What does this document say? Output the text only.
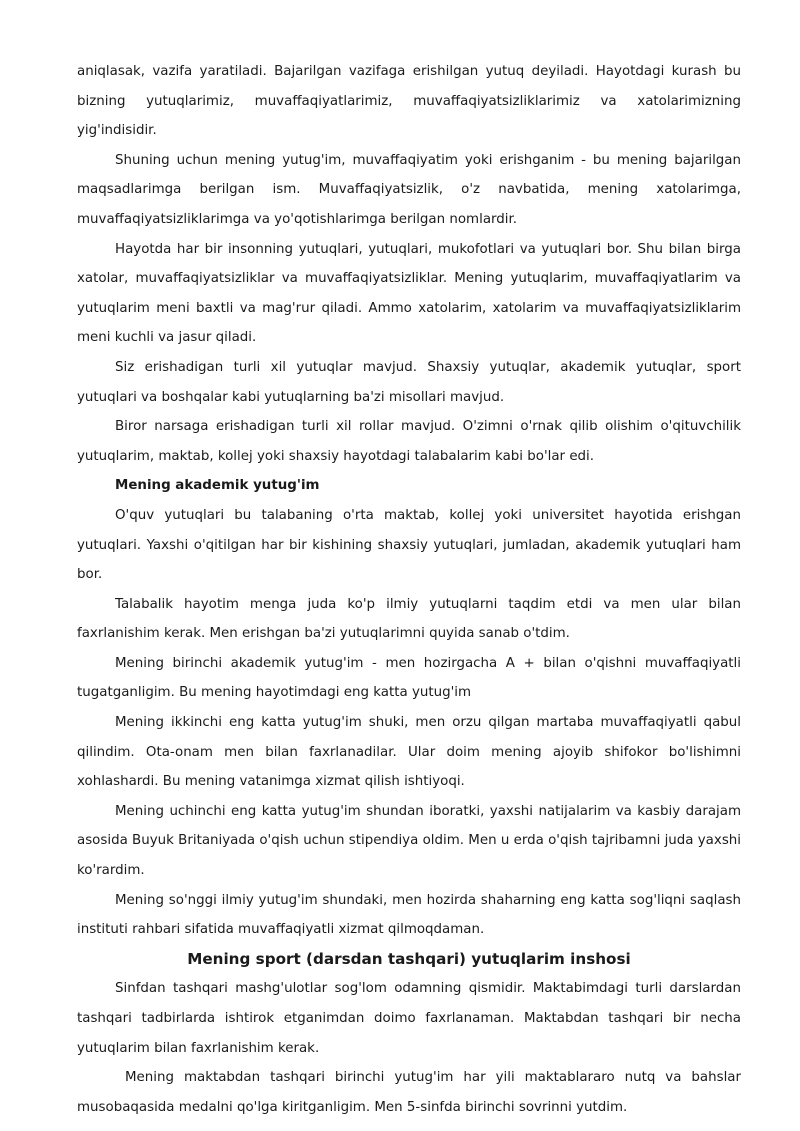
aniqlasak, vazifa yaratiladi. Bajarilgan vazifaga erishilgan yutuq deyiladi. Hayotdagi kurash bu bizning yutuqlarimiz, muvaffaqiyatlarimiz, muvaffaqiyatsizliklarimiz va xatolarimizning yig'indisidir.

Shuning uchun mening yutug'im, muvaffaqiyatim yoki erishganim - bu mening bajarilgan maqsadlarimga berilgan ism. Muvaffaqiyatsizlik, o'z navbatida, mening xatolarimga, muvaffaqiyatsizliklarimga va yo'qotishlarimga berilgan nomlardir.

Hayotda har bir insonning yutuqlari, yutuqlari, mukofotlari va yutuqlari bor. Shu bilan birga xatolar, muvaffaqiyatsizliklar va muvaffaqiyatsizliklar. Mening yutuqlarim, muvaffaqiyatlarim va yutuqlarim meni baxtli va mag'rur qiladi. Ammo xatolarim, xatolarim va muvaffaqiyatsizliklarim meni kuchli va jasur qiladi.

Siz erishadigan turli xil yutuqlar mavjud. Shaxsiy yutuqlar, akademik yutuqlar, sport yutuqlari va boshqalar kabi yutuqlarning ba'zi misollari mavjud.

Biror narsaga erishadigan turli xil rollar mavjud. O'zimni o'rnak qilib olishim o'qituvchilik yutuqlarim, maktab, kollej yoki shaxsiy hayotdagi talabalarim kabi bo'lar edi.

Mening akademik yutug'im

O'quv yutuqlari bu talabaning o'rta maktab, kollej yoki universitet hayotida erishgan yutuqlari. Yaxshi o'qitilgan har bir kishining shaxsiy yutuqlari, jumladan, akademik yutuqlari ham bor.

Talabalik hayotim menga juda ko'p ilmiy yutuqlarni taqdim etdi va men ular bilan faxrlanishim kerak. Men erishgan ba'zi yutuqlarimni quyida sanab o'tdim.

Mening birinchi akademik yutug'im - men hozirgacha A + bilan o'qishni muvaffaqiyatli tugatganligim. Bu mening hayotimdagi eng katta yutug'im

Mening ikkinchi eng katta yutug'im shuki, men orzu qilgan martaba muvaffaqiyatli qabul qilindim. Ota-onam men bilan faxrlanadilar. Ular doim mening ajoyib shifokor bo'lishimni xohlashardi. Bu mening vatanimga xizmat qilish ishtiyoqi.

Mening uchinchi eng katta yutug'im shundan iboratki, yaxshi natijalarim va kasbiy darajam asosida Buyuk Britaniyada o'qish uchun stipendiya oldim. Men u erda o'qish tajribamni juda yaxshi ko'rardim.

Mening so'nggi ilmiy yutug'im shundaki, men hozirda shaharning eng katta sog'liqni saqlash instituti rahbari sifatida muvaffaqiyatli xizmat qilmoqdaman.

Mening sport (darsdan tashqari) yutuqlarim inshosi

Sinfdan tashqari mashg'ulotlar sog'lom odamning qismidir. Maktabimdagi turli darslardan tashqari tadbirlarda ishtirok etganimdan doimo faxrlanaman. Maktabdan tashqari bir necha yutuqlarim bilan faxrlanishim kerak.

Mening maktabdan tashqari birinchi yutug'im har yili maktablararo nutq va bahslar musobaqasida medalni qo'lga kiritganligim. Men 5-sinfda birinchi sovrinni yutdim.
